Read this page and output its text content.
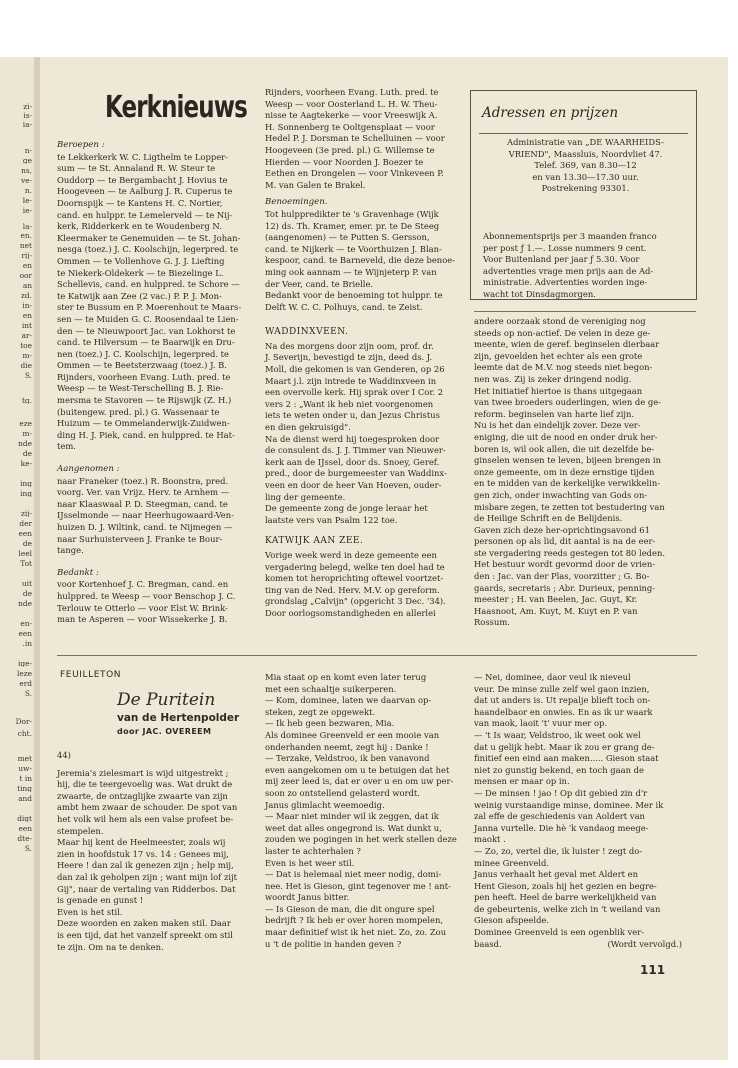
zi-
is-
ia-
n-
ge
ns,
ve-
n.
le-
ie-
la-
en.
net
rij-
en
oor
an
zd.
in-
en
int
ar-
toe
m-
die
S.
tg.
eze
m-
nde
de
ke-
ing
ing
zij-
der
een
de
leel
Tot
uit
de
nde
en-
een
.in
ige-
leze
erd
S.
Dor-
cht.
met
uw-
t in
ting
and
digt
een
dte-
S.
Kerknieuws
Beroepen :
te Lekkerkerk W. C. Ligthelm te Lopper-
sum — te St. Annaland R. W. Steur te
Ouddorp — te Bergambacht J. Hovius te
Hoogeveen — te Aalburg J. R. Cuperus te
Doornspijk — te Kantens H. C. Nortier,
cand. en hulppr. te Lemelerveld — te Nij-
kerk, Ridderkerk en te Woudenberg N.
Kleermaker te Genemuiden — te St. Johan-
nesga (toez.) J. C. Koolschijn, legerpred. te
Ommen — te Vollenhove G. J. J. Liefting
te Niekerk-Oldekerk — te Biezelinge L.
Schellevis, cand. en hulppred. te Schore —
te Katwijk aan Zee (2 vac.) P. P. J. Mon-
ster te Bussum en P. Moerenhout te Maars-
sen — te Muiden G. C. Roosendaal te Lien-
den — te Nieuwpoort Jac. van Lokhorst te
cand. te Hilversum — te Baarwijk en Dru-
nen (toez.) J. C. Koolschijn, legerpred. te
Ommen — te Beetsterzwaag (toez.) J. B.
Rijnders, voorheen Evang. Luth. pred. te
Weesp — te West-Terschelling B. J. Rie-
mersma te Stavoren — te Rijswijk (Z. H.)
(buitengew. pred. pl.) G. Wassenaar te
Huizum — te Ommelanderwijk-Zuidwen-
ding H. J. Piek, cand. en hulppred. te Hat-
tem.
Aangenomen :
naar Franeker (toez.) R. Boonstra, pred.
voorg. Ver. van Vrijz. Herv. te Arnhem —
naar Klaaswaal P. D. Steegman, cand. te
IJsselmonde — naar Heerhugowaard-Ven-
huizen D. J. Wiltink, cand. te Nijmegen —
naar Surhuisterveen J. Franke te Bour-
tange.
Bedankt :
voor Kortenhoef J. C. Bregman, cand. en
hulppred. te Weesp — voor Benschop J. C.
Terlouw te Otterlo — voor Elst W. Brink-
man te Asperen — voor Wissekerke J. B.
Rijnders, voorheen Evang. Luth. pred. te
Weesp — voor Oosterland L. H. W. Theu-
nisse te Aagtekerke — voor Vreeswijk A.
H. Sonnenberg te Ooltgensplaat — voor
Hedel P. J. Dorsman te Schelluinen — voor
Hoogeveen (3e pred. pl.) G. Willemse te
Hierden — voor Noorden J. Boezer te
Eethen en Drongelen — voor Vinkeveen P.
M. van Galen te Brakel.
Benoemingen.
Tot hulppredikter te 's Gravenhage (Wijk
12) ds. Th. Kramer, emer. pr. te De Steeg
(aangenomen) — te Putten S. Gersson,
cand. te Nijkerk — te Voorthuizen J. Blan-
kespoor, cand. te Barneveld, die deze benoe-
ming ook aannam — te Wijnjeterp P. van
der Veer, cand. te Brielle.
Bedankt voor de benoeming tot hulppr. te
Delft W. C. C. Polhuys, cand. te Zeist.
WADDINXVEEN.
Na des morgens door zijn oom, prof. dr.
J. Severijn, bevestigd te zijn, deed ds. J.
Moll, die gekomen is van Genderen, op 26
Maart j.l. zijn intrede te Waddinxveen in
een overvolle kerk. Hij sprak over I Cor. 2
vers 2 : „Want ik heb niet voorgenomen
iets te weten onder u, dan Jezus Christus
en dien gekruisigd".
Na de dienst werd hij toegesproken door
de consulent ds. J. J. Timmer van Nieuwer-
kerk aan de IJssel, door ds. Snoey, Geref.
pred., door de burgemeester van Waddinx-
veen en door de heer Van Hoeven, ouder-
ling der gemeente.
De gemeente zong de jonge leraar het
laatste vers van Psalm 122 toe.
KATWIJK AAN ZEE.
Vorige week werd in deze gemeente een
vergadering belegd, welke ten doel had te
komen tot heroprichting oftewel voortzet-
ting van de Ned. Herv. M.V. op gereform.
grondslag „Calvijn" (opgericht 3 Dec. '34).
Door oorlogsomstandigheden en allerlei
Adressen en prijzen
Administratie van „DE WAARHEIDS-
VRIEND", Maassluis, Noordvliet 47.
Telef. 369, van 8.30—12
en van 13.30—17.30 uur.
Postrekening 93301.
Abonnementsprijs per 3 maanden franco
per post ƒ 1.—. Losse nummers 9 cent.
Voor Buitenland per jaar ƒ 5.30. Voor
advertenties vrage men prijs aan de Ad-
ministratie. Advertenties worden inge-
wacht tot Dinsdagmorgen.
andere oorzaak stond de vereniging nog
steeds op non-actief. De velen in deze ge-
meente, wien de geref. beginselen dierbaar
zijn, gevoelden het echter als een grote
leemte dat de M.V. nog steeds niet begon-
nen was. Zij is zeker dringend nodig.
Het initiatief hiertoe is thans uitgegaan
van twee broeders ouderlingen, wien de ge-
reform. beginselen van harte lief zijn.
Nu is het dan eindelijk zover. Deze ver-
eniging, die uit de nood en onder druk her-
boren is, wil ook allen, die uit dezelfde be-
ginselen wensen te leven, bijeen brengen in
onze gemeente, om in deze ernstige tijden
en te midden van de kerkelijke verwikkelin-
gen zich, onder inwachting van Gods on-
misbare zegen, te zetten tot bestudering van
de Heilige Schrift en de Belijdenis.
Gaven zich deze her-oprichtingsavond 61
personen op als lid, dit aantal is na de eer-
ste vergadering reeds gestegen tot 80 leden.
Het bestuur wordt gevormd door de vrien-
den : Jac. van der Plas, voorzitter ; G. Bo-
gaards, secretaris ; Abr. Durieux, penning-
meester ; H. van Beelen, Jac. Guyt, Kr.
Haasnoot, Am. Kuyt, M. Kuyt en P. van
Rossum.
FEUILLETON
De Puritein
van de Hertenpolder
door JAC. OVEREEM
44)
Jeremia's zielesmart is wijd uitgestrekt ;
hij, die te teergevoelig was. Wat drukt de
zwaarte, de ontzaglijke zwaarte van zijn
ambt hem zwaar de schouder. De spot van
het volk wil hem als een valse profeet be-
stempelen.
Maar hij kent de Heelmeester, zoals wij
zien in hoofdstuk 17 vs. 14 : Genees mij,
Heere ! dan zal ik genezen zijn ; help mij,
dan zal ik geholpen zijn ; want mijn lof zijt
Gij", naar de vertaling van Ridderbos. Dat
is genade en gunst !
Even is het stil.
Deze woorden en zaken maken stil. Daar
is een tijd, dat het vanzelf spreekt om stil
te zijn. Om na te denken.
Mia staat op en komt even later terug
met een schaaltje suikerperen.
— Kom, dominee, laten we daarvan op-
steken, zegt ze opgewekt.
— Ik heb geen bezwaren, Mia.
Als dominee Greenveld er een mooie van
onderhanden neemt, zegt hij : Danke !
— Terzake, Veldstroo, ik ben vanavond
even aangekomen om u te betuigen dat het
mij zeer leed is, dat er over u en om uw per-
soon zo ontstellend gelasterd wordt.
Janus glimlacht weemoedig.
— Maar niet minder wil ik zeggen, dat ik
weet dat alles ongegrond is. Wat dunkt u,
zouden we pogingen in het werk stellen deze
laster te achterhalen ?
Even is het weer stil.
— Dat is helemaal niet meer nodig, domi-
nee. Het is Gieson, gint tegenover me ! ant-
woordt Janus bitter.
— Is Gieson de man, die dit ongure spel
bedrijft ? Ik heb er over horen mompelen,
maar definitief wist ik het niet. Zo, zo. Zou
u 't de politie in handen geven ?
— Nei, dominee, daor veul ik nieveul
veur. De minse zulle zelf wel gaon inzien,
dat ut anders is. Ut repalje blieft toch on-
haandelbaor en onwies. En as ik ur waark
van maok, laoit 't' vuur mer op.
— 't Is waar, Veldstroo, ik weet ook wel
dat u gelijk hebt. Maar ik zou er grang de-
finitief een eind aan maken..... Gieson staat
niet zo gunstig bekend, en toch gaan de
mensen er maar op in.
— De minsen ! jao ! Op dit gebied zin d'r
weinig vurstaandige minse, dominee. Mer ik
zal effe de geschiedenis van Aoldert van
Janna vurtelle. Die hè 'k vandaog meege-
maokt .
— Zo, zo, vertel die, ik luister ! zegt do-
minee Greenveld.
Janus verhaalt het geval met Aldert en
Hent Gieson, zoals hij het gezien en begre-
pen heeft. Heel de barre werkelijkheid van
de gebeurtenis, welke zich in 't weiland van
Gieson afspeelde.
Dominee Greenveld is een ogenblik ver-
baasd.	(Wordt vervolgd.)
111
